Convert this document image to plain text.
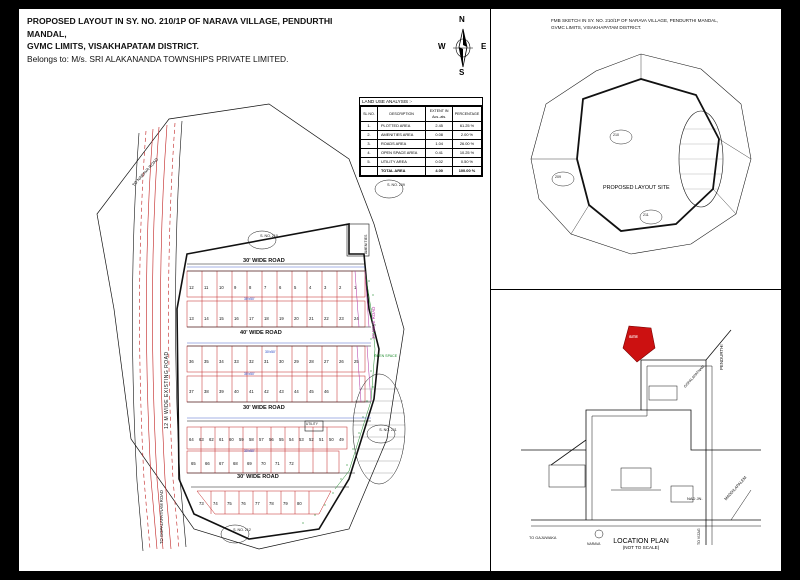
PROPOSED LAYOUT IN SY. NO. 210/1P OF NARAVA VILLAGE, PENDURTHI MANDAL,
GVMC LIMITS, VISAKHAPATAM DISTRICT.
Belongs to: M/s. SRI ALAKANANDA TOWNSHIPS PRIVATE LIMITED.
N
S
W	E
LAND USE ANALYSIS :-
SL NO.	DESCRIPTION	EXTENT IN Acs.-ats.	PERCENTAGE
1.	PLOTTED AREA	2.45	61.25 %
2.	AMENITIES AREA	0.08	2.00 %
3.	ROADS AREA	1.04	26.00 %
4.	OPEN SPACE AREA	0.41	10.25 %
5.	UTILITY AREA	0.02	0.50 %
	TOTAL AREA	4.00	100.00 %
S. NO. 210
S. NO. 209
S. NO. 211
S. NO. 212
30' WIDE ROAD
40' WIDE ROAD
30' WIDE ROAD
30' WIDE ROAD
12 M WIDE EXISTING ROAD
TO NARAVA ROAD
TO GOPALAPATNAM ROAD
30' WIDE ROAD
AMENITIES
UTILITY
OPEN SPACE
30'x50'
30'x50'
30'x50'
30'x50'
12 11	10 9	8	7	6	5	4	3	2	1
13 14 15 16 17 18 19 20 21 22 23 24
36 35 34 33 32 31 30 29 28 27 26 25
37 38 39 40 41 42 43 44 45 46
64 63 62 61 60 59 58 57 56 55 54 53 52 51 50 49
65 66 67 68 69 70 71 72
73 74 75 76 77 78 79 80
FMB SKETCH IN SY. NO. 210/1P OF NARAVA VILLAGE, PENDURTHI MANDAL,
GVMC LIMITS, VISAKHAPATAM DISTRICT.
210
209
211
PROPOSED LAYOUT SITE
SITE
PENDURTHI
GOPALAPATNAM
MADDILAPALEM
NAD JN.
TO GAJUWAKA	TO VIZAG
NARAVA	LOCATION PLAN
(NOT TO SCALE)
